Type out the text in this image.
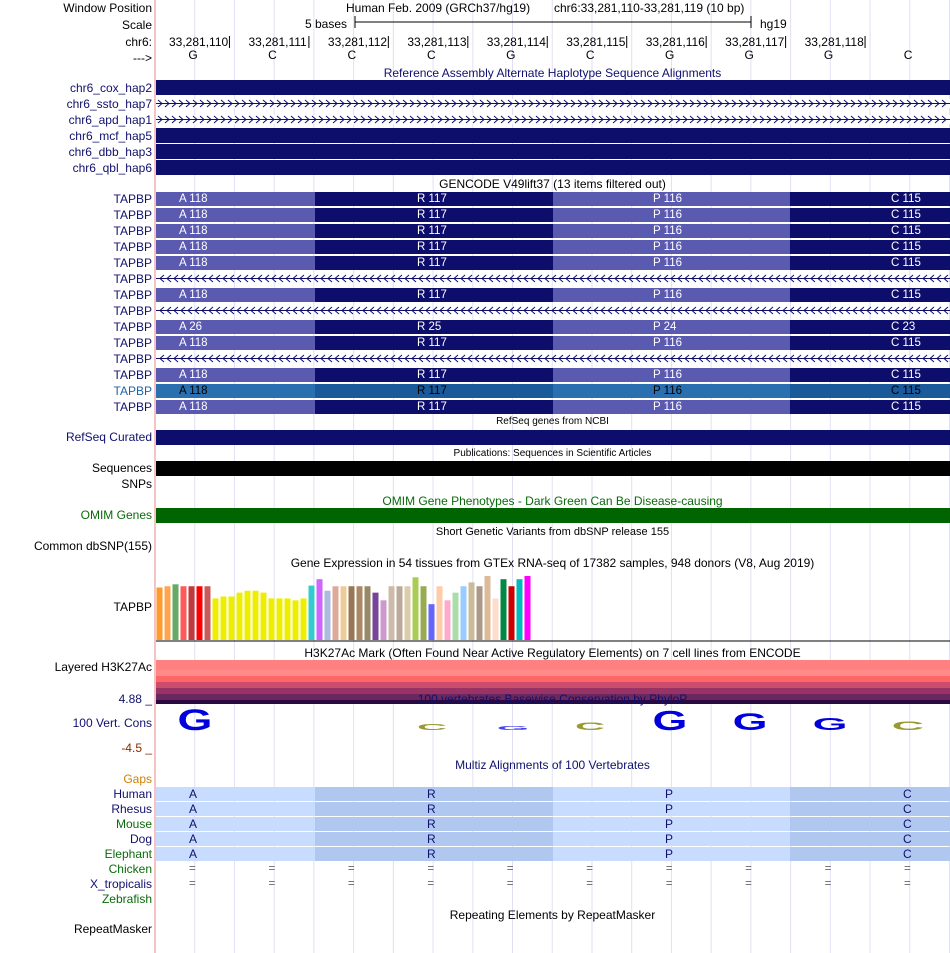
G	C G C G G G C
Window Position
Scale
chr6:
--->
Human Feb. 2009 (GRCh37/hg19) chr6:33,281,110-33,281,119 (10 bp)
5 bases	hg19
33,281,110 33,281,111 33,281,112 33,281,113 33,281,114 33,281,115 33,281,116 33,281,117 33,281,118
G	C	C	C	G	C	G	G	G	C
Reference Assembly Alternate Haplotype Sequence Alignments
chr6_cox_hap2
chr6_ssto_hap7
chr6_apd_hap1
chr6_mcf_hap5
chr6_dbb_hap3
chr6_qbl_hap6
GENCODE V49lift37 (13 items filtered out)
TAPBP A 118	R 117	P 116	C 115
TAPBP A 118	R 117	P 116	C 115
TAPBP A 118	R 117	P 116	C 115
TAPBP A 118	R 117	P 116	C 115
TAPBP A 118	R 117	P 116	C 115
TAPBP
TAPBP A 118	R 117	P 116	C 115
TAPBP
TAPBP A 26	R 25	P 24	C 23
TAPBP A 118	R 117	P 116	C 115
TAPBP
TAPBP A 118	R 117	P 116	C 115
TAPBP A 118	R 117	P 116	C 115
TAPBP A 118	R 117	P 116	C 115
RefSeq genes from NCBI
RefSeq Curated
Publications: Sequences in Scientific Articles
Sequences
SNPs
OMIM Gene Phenotypes - Dark Green Can Be Disease-causing
OMIM Genes
Short Genetic Variants from dbSNP release 155
Common dbSNP(155)
Gene Expression in 54 tissues from GTEx RNA-seq of 17382 samples, 948 donors (V8, Aug 2019)
TAPBP
H3K27Ac Mark (Often Found Near Active Regulatory Elements) on 7 cell lines from ENCODE
Layered H3K27Ac
100 vertebrates Basewise Conservation by PhyloP
100 Vert. Cons
4.88 _
-4.5 _
Multiz Alignments of 100 Vertebrates
Gaps
Human	A	R	P	C
Rhesus	A	R	P	C
Mouse	A	R	P	C
Dog	A	R	P	C
Elephant	A	R	P	C
Chicken	=	=	=	=	=	=	=	=	=	=
X_tropicalis	=	=	=	=	=	=	=	=	=	=
Zebrafish
Repeating Elements by RepeatMasker
RepeatMasker
